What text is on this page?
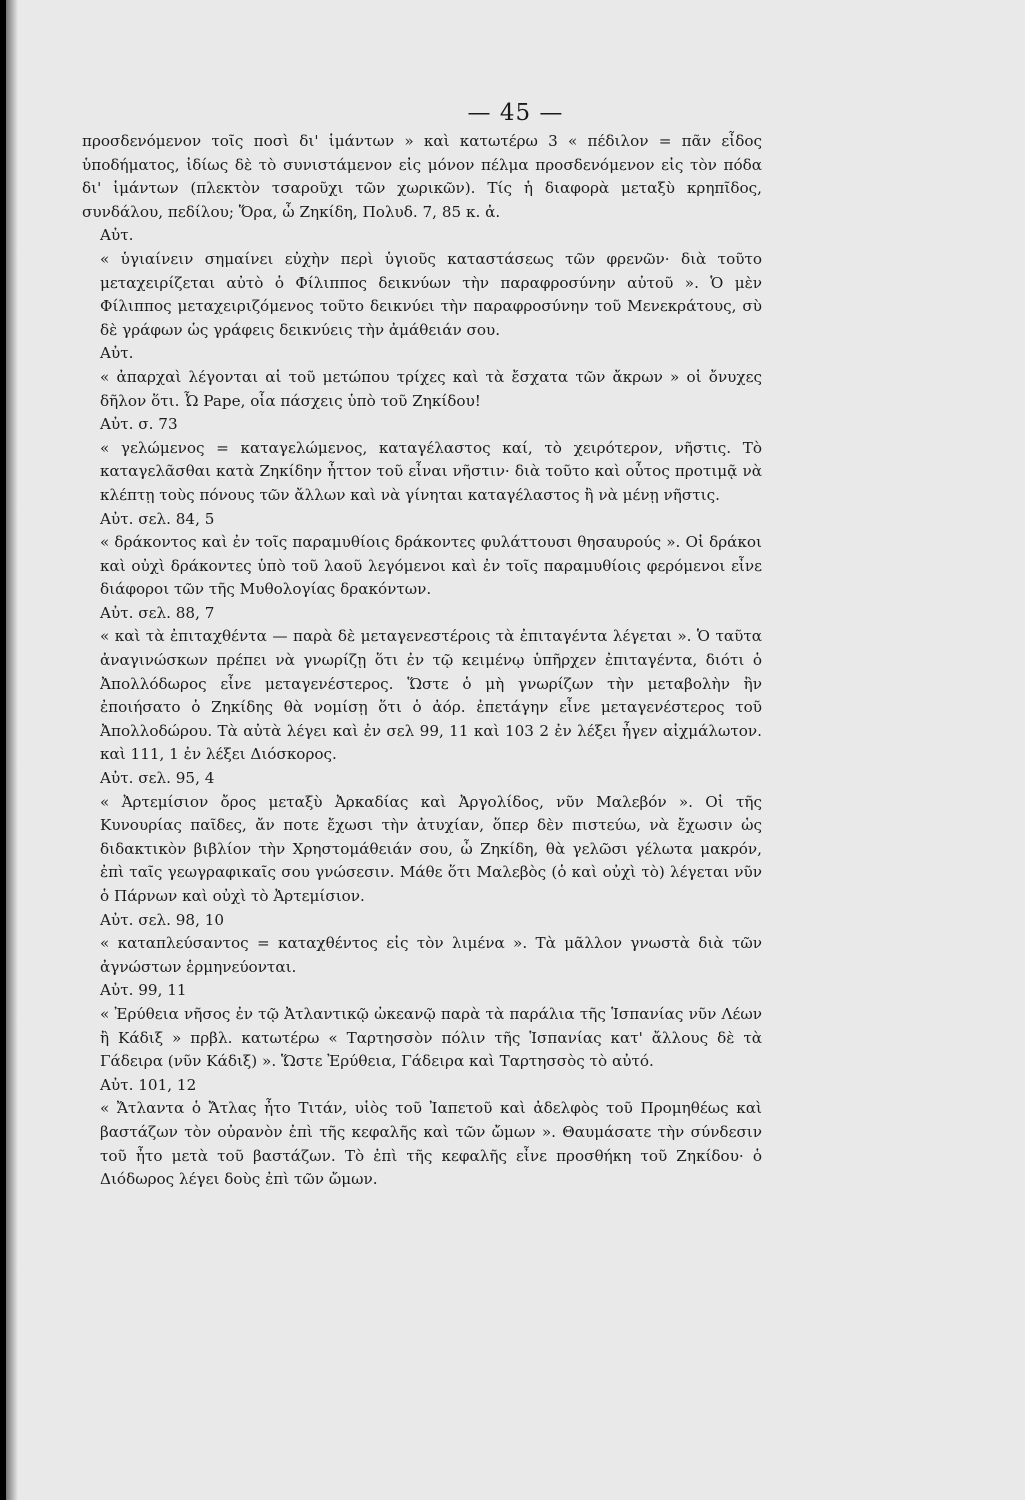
— 45 —

προσδενόμενον τοῖς ποσὶ δι' ἱμάντων » καὶ κατωτέρω 3 « πέδιλον = πᾶν εἶδος ὑποδήματος, ἰδίως δὲ τὸ συνιστάμενον εἰς μόνον πέλμα προσδενόμενον εἰς τὸν πόδα δι' ἱμάντων (πλεκτὸν τσαροῦχι τῶν χωρικῶν). Τίς ἡ διαφορὰ μεταξὺ κρηπῖδος, συνδάλου, πεδίλου; Ὅρα, ὦ Ζηκίδη, Πολυδ. 7, 85 κ. ἀ.

Αὐτ.

« ὑγιαίνειν σημαίνει εὐχὴν περὶ ὑγιοῦς καταστάσεως τῶν φρενῶν· διὰ τοῦτο μεταχειρίζεται αὐτὸ ὁ Φίλιππος δεικνύων τὴν παραφροσύνην αὐτοῦ ». Ὁ μὲν Φίλιππος μεταχειριζόμενος τοῦτο δεικνύει τὴν παραφροσύνην τοῦ Μενεκράτους, σὺ δὲ γράφων ὡς γράφεις δεικνύεις τὴν ἀμάθειάν σου.

Αὐτ.

« ἀπαρχαὶ λέγονται αἱ τοῦ μετώπου τρίχες καὶ τὰ ἔσχατα τῶν ἄκρων » οἱ ὄνυχες δῆλον ὅτι. Ὦ Pape, οἷα πάσχεις ὑπὸ τοῦ Ζηκίδου!

Αὐτ. σ. 73

« γελώμενος = καταγελώμενος, καταγέλαστος καί, τὸ χειρότερον, νῆστις. Τὸ καταγελᾶσθαι κατὰ Ζηκίδην ἧττον τοῦ εἶναι νῆστιν· διὰ τοῦτο καὶ οὗτος προτιμᾷ νὰ κλέπτῃ τοὺς πόνους τῶν ἄλλων καὶ νὰ γίνηται καταγέλαστος ἢ νὰ μένῃ νῆστις.

Αὐτ. σελ. 84, 5

« δράκοντος καὶ ἐν τοῖς παραμυθίοις δράκοντες φυλάττουσι θησαυρούς ». Οἱ δράκοι καὶ οὐχὶ δράκοντες ὑπὸ τοῦ λαοῦ λεγόμενοι καὶ ἐν τοῖς παραμυθίοις φερόμενοι εἶνε διάφοροι τῶν τῆς Μυθολογίας δρακόντων.

Αὐτ. σελ. 88, 7

« καὶ τὰ ἐπιταχθέντα — παρὰ δὲ μεταγενεστέροις τὰ ἐπιταγέντα λέγεται ». Ὁ ταῦτα ἀναγινώσκων πρέπει νὰ γνωρίζῃ ὅτι ἐν τῷ κειμένῳ ὑπῆρχεν ἐπιταγέντα, διότι ὁ Ἀπολλόδωρος εἶνε μεταγενέστερος. Ὥστε ὁ μὴ γνωρίζων τὴν μεταβολὴν ἣν ἐποιήσατο ὁ Ζηκίδης θὰ νομίσῃ ὅτι ὁ ἀόρ. ἐπετάγην εἶνε μεταγενέστερος τοῦ Ἀπολλοδώρου. Τὰ αὐτὰ λέγει καὶ ἐν σελ 99, 11 καὶ 103 2 ἐν λέξει ἦγεν αἰχμάλωτον. καὶ 111, 1 ἐν λέξει Διόσκορος.

Αὐτ. σελ. 95, 4

« Ἀρτεμίσιον ὄρος μεταξὺ Ἀρκαδίας καὶ Ἀργολίδος, νῦν Μαλεβόν ». Οἱ τῆς Κυνουρίας παῖδες, ἄν ποτε ἔχωσι τὴν ἀτυχίαν, ὅπερ δὲν πιστεύω, νὰ ἔχωσιν ὡς διδακτικὸν βιβλίον τὴν Χρηστομάθειάν σου, ὦ Ζηκίδη, θὰ γελῶσι γέλωτα μακρόν, ἐπὶ ταῖς γεωγραφικαῖς σου γνώσεσιν. Μάθε ὅτι Μαλεβὸς (ὁ καὶ οὐχὶ τὸ) λέγεται νῦν ὁ Πάρνων καὶ οὐχὶ τὸ Ἀρτεμίσιον.

Αὐτ. σελ. 98, 10

« καταπλεύσαντος = καταχθέντος εἰς τὸν λιμένα ». Τὰ μᾶλλον γνωστὰ διὰ τῶν ἀγνώστων ἑρμηνεύονται.

Αὐτ. 99, 11

« Ἐρύθεια νῆσος ἐν τῷ Ἀτλαντικῷ ὠκεανῷ παρὰ τὰ παράλια τῆς Ἱσπανίας νῦν Λέων ἢ Κάδιξ » πρβλ. κατωτέρω « Ταρτησσὸν πόλιν τῆς Ἱσπανίας κατ' ἄλλους δὲ τὰ Γάδειρα (νῦν Κάδιξ) ». Ὥστε Ἐρύθεια, Γάδειρα καὶ Ταρτησσὸς τὸ αὐτό.

Αὐτ. 101, 12

« Ἄτλαντα ὁ Ἄτλας ἦτο Τιτάν, υἱὸς τοῦ Ἰαπετοῦ καὶ ἀδελφὸς τοῦ Προμηθέως καὶ βαστάζων τὸν οὐρανὸν ἐπὶ τῆς κεφαλῆς καὶ τῶν ὤμων ». Θαυμάσατε τὴν σύνδεσιν τοῦ ἦτο μετὰ τοῦ βαστάζων. Τὸ ἐπὶ τῆς κεφαλῆς εἶνε προσθήκη τοῦ Ζηκίδου· ὁ Διόδωρος λέγει δοὺς ἐπὶ τῶν ὤμων.
